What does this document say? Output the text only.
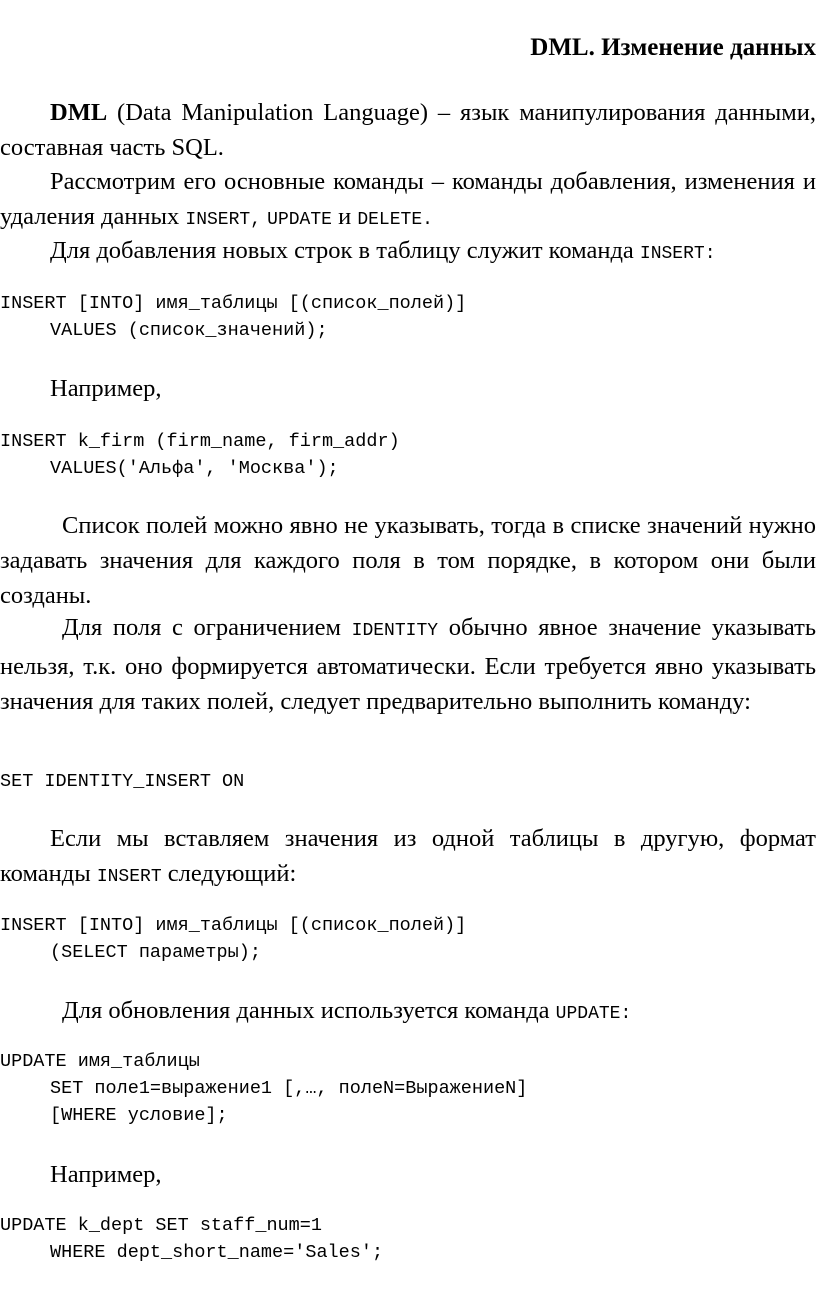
DML. Изменение данных

DML (Data Manipulation Language) – язык манипулирования данными, составная часть SQL.

Рассмотрим его основные команды – команды добавления, изменения и удаления данных INSERT, UPDATE и DELETE.

Для добавления новых строк в таблицу служит команда INSERT:

INSERT [INTO] имя_таблицы [(список_полей)]
VALUES (список_значений);

Например,

INSERT k_firm (firm_name, firm_addr)
VALUES('Альфа', 'Москва');

Список полей можно явно не указывать, тогда в списке значений нужно задавать значения для каждого поля в том порядке, в котором они были созданы.

Для поля с ограничением IDENTITY обычно явное значение указывать нельзя, т.к. оно формируется автоматически. Если требуется явно указывать значения для таких полей, следует предварительно выполнить команду:

SET IDENTITY_INSERT ON

Если мы вставляем значения из одной таблицы в другую, формат команды INSERT следующий:

INSERT [INTO] имя_таблицы [(список_полей)]
(SELECT параметры);

Для обновления данных используется команда UPDATE:

UPDATE имя_таблицы
SET поле1=выражение1 [,…, полеN=ВыражениеN]
[WHERE условие];

Например,

UPDATE k_dept SET staff_num=1
WHERE dept_short_name='Sales';
